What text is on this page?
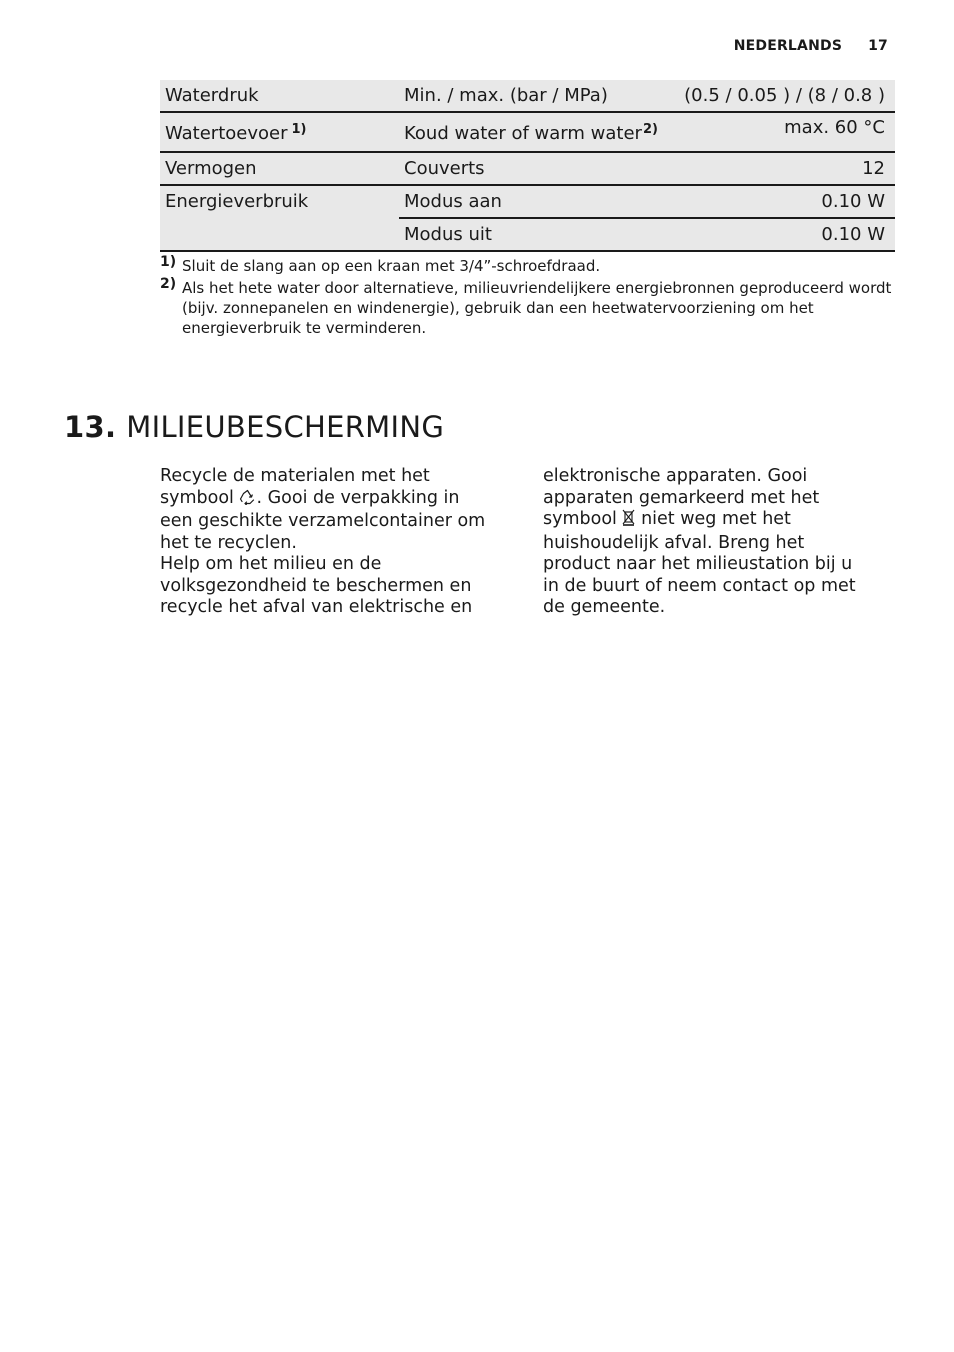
NEDERLANDS 17
Waterdruk	Min. / max. (bar / MPa)	(0.5 / 0.05 ) / (8 / 0.8 )
Watertoevoer $^{1)}$	Koud water of warm water$^{2)}$	max. 60 °C
Vermogen	Couverts	12
Energieverbruik	Modus aan	0.10 W
	Modus uit	0.10 W
1) Sluit de slang aan op een kraan met 3/4”-schroefdraad.
2) Als het hete water door alternatieve, milieuvriendelijkere energiebronnen geproduceerd wordt (bijv. zonnepanelen en windenergie), gebruik dan een heetwatervoorziening om het energieverbruik te verminderen.
13. MILIEUBESCHERMING

Recycle de materialen met het symbool . Gooi de verpakking in een geschikte verzamelcontainer om het te recyclen.

Help om het milieu en de volksgezondheid te beschermen en recycle het afval van elektrische en

elektronische apparaten. Gooi apparaten gemarkeerd met het symbool niet weg met het huishoudelijk afval. Breng het product naar het milieustation bij u in de buurt of neem contact op met de gemeente.
